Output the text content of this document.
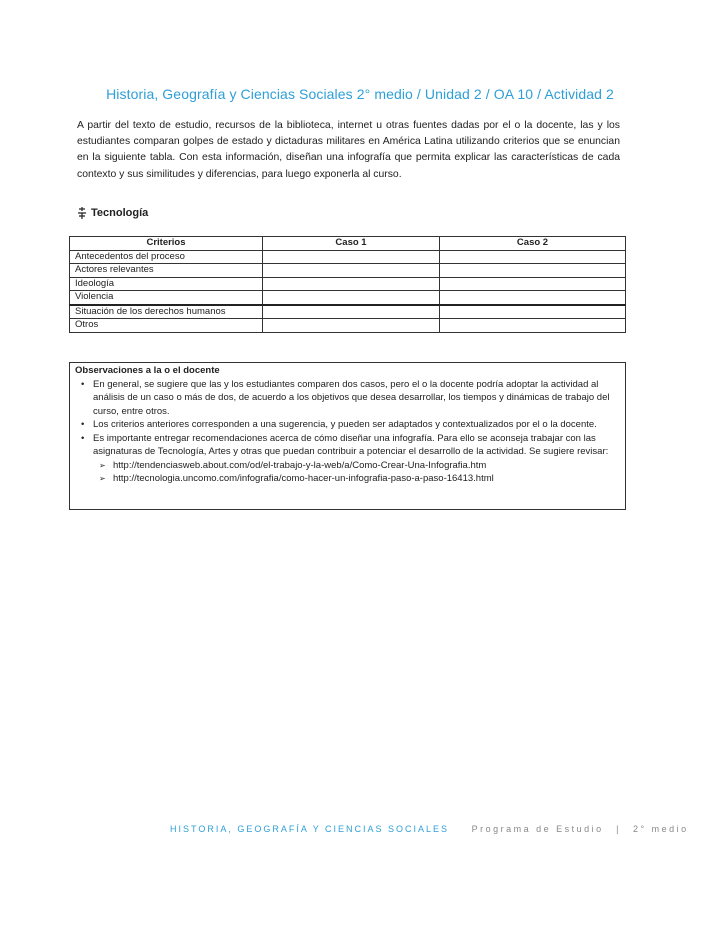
Historia, Geografía y Ciencias Sociales 2° medio / Unidad 2 / OA 10 / Actividad 2

A partir del texto de estudio, recursos de la biblioteca, internet u otras fuentes dadas por el o la docente, las y los estudiantes comparan golpes de estado y dictaduras militares en América Latina utilizando criterios que se enuncian en la siguiente tabla. Con esta información, diseñan una infografía que permita explicar las características de cada contexto y sus similitudes y diferencias, para luego exponerla al curso.

Tecnología
Criterios	Caso 1	Caso 2
Antecedentos del proceso		
Actores relevantes		
Ideología		
Violencia		
Situación de los derechos humanos		
Otros		
Observaciones a la o el docente
• En general, se sugiere que las y los estudiantes comparen dos casos, pero el o la docente podría adoptar la actividad al análisis de un caso o más de dos, de acuerdo a los objetivos que desea desarrollar, los tiempos y dinámicas de trabajo del curso, entre otros.
• Los criterios anteriores corresponden a una sugerencia, y pueden ser adaptados y contextualizados por el o la docente.
• Es importante entregar recomendaciones acerca de cómo diseñar una infografía. Para ello se aconseja trabajar con las asignaturas de Tecnología, Artes y otras que puedan contribuir a potenciar el desarrollo de la actividad. Se sugiere revisar:
➢ http://tendenciasweb.about.com/od/el-trabajo-y-la-web/a/Como-Crear-Una-Infografia.htm
➢ http://tecnologia.uncomo.com/infografia/como-hacer-un-infografia-paso-a-paso-16413.html
HISTORIA, GEOGRAFÍA Y CIENCIAS SOCIALES	Programa de Estudio | 2° medio
